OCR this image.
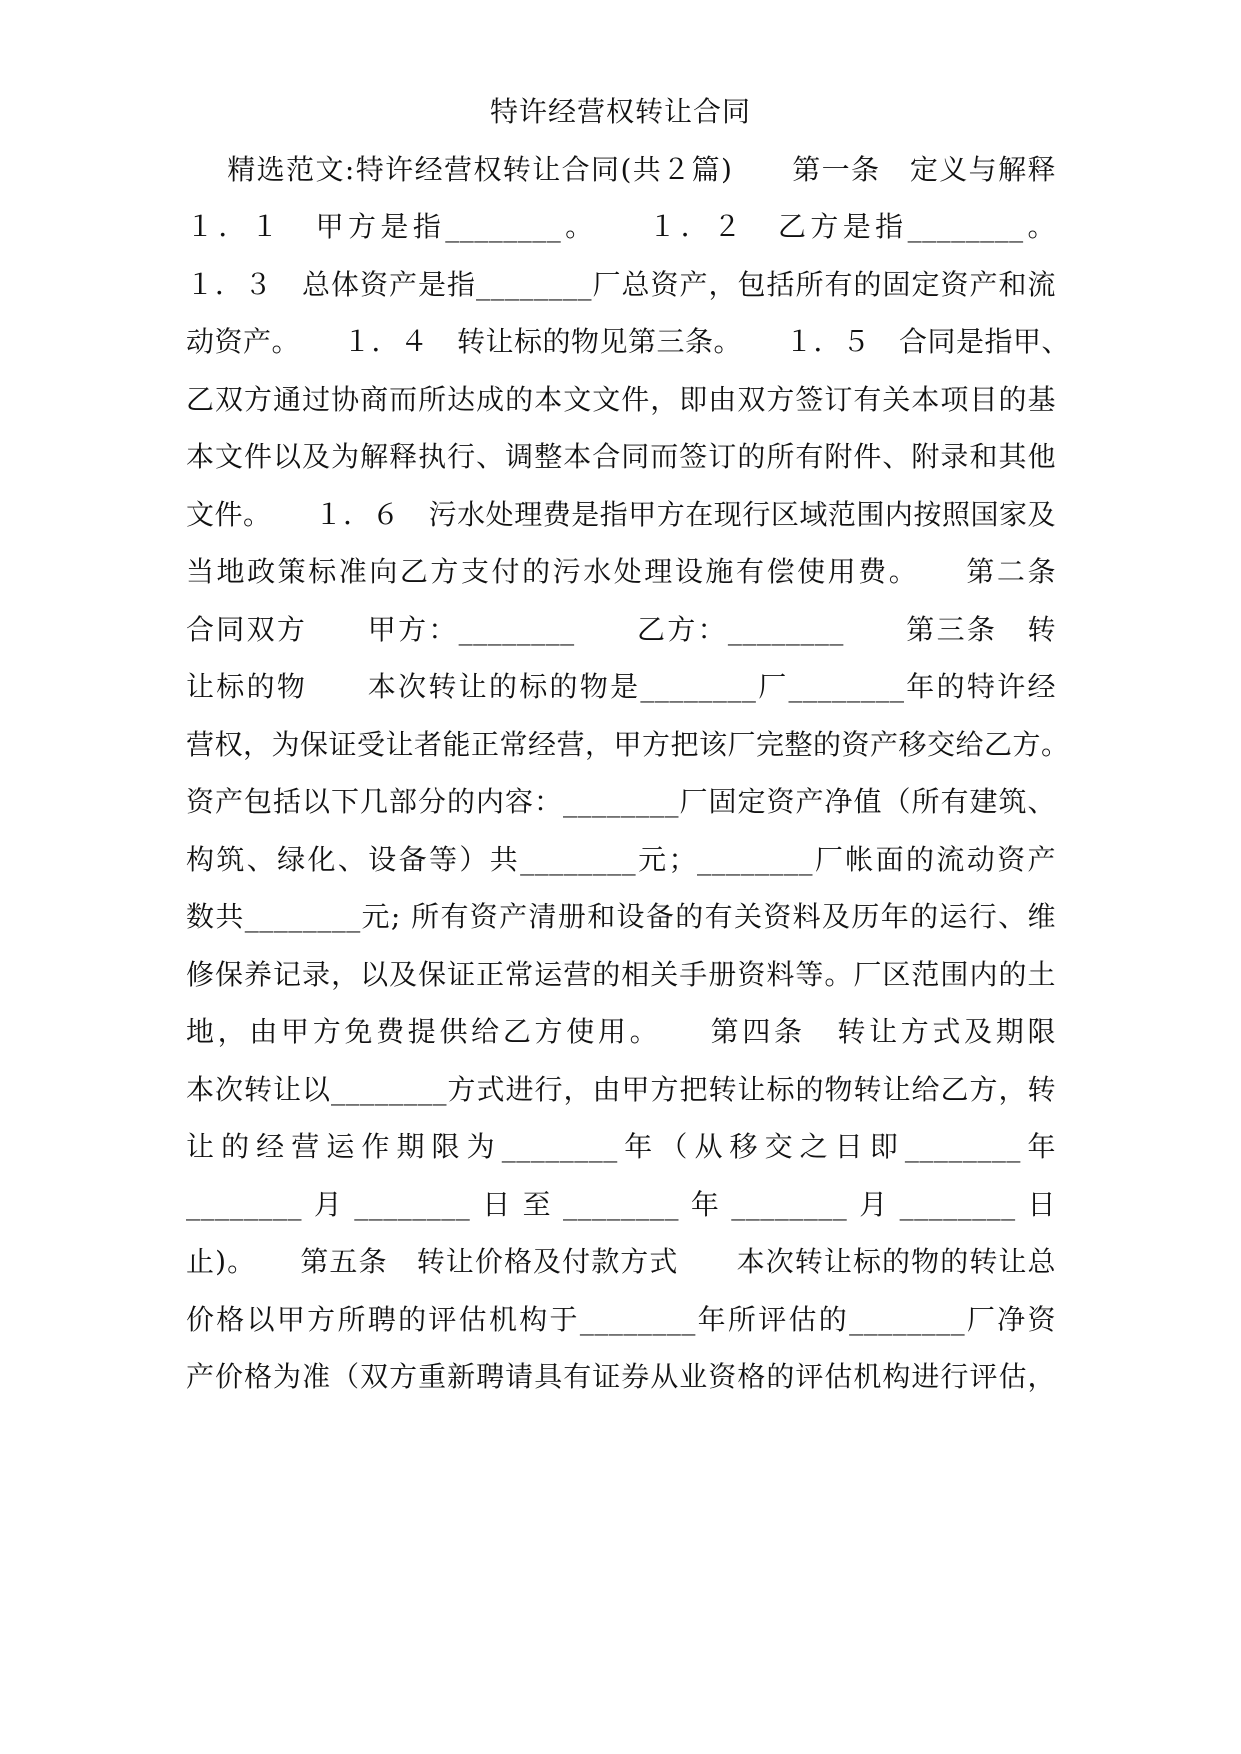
特许经营权转让合同
精选范文:特许经营权转让合同(共２篇)　　第一条　定义与解释
１．１　甲方是指________。　　１．２　乙方是指________。
１．３　总体资产是指________厂总资产，包括所有的固定资产和流
动资产。　　１．４　转让标的物见第三条。　　１．５　合同是指甲、
乙双方通过协商而所达成的本文文件，即由双方签订有关本项目的基
本文件以及为解释执行、调整本合同而签订的所有附件、附录和其他
文件。　　１．６　污水处理费是指甲方在现行区域范围内按照国家及
当地政策标准向乙方支付的污水处理设施有偿使用费。　　第二条
合同双方　　甲方：________　　乙方：________　　第三条　转
让标的物　　本次转让的标的物是________厂________年的特许经
营权，为保证受让者能正常经营，甲方把该厂完整的资产移交给乙方。
资产包括以下几部分的内容：________厂固定资产净值（所有建筑、
构筑、绿化、设备等）共________元；________厂帐面的流动资产
数共________元; 所有资产清册和设备的有关资料及历年的运行、维
修保养记录，以及保证正常运营的相关手册资料等。厂区范围内的土
地，由甲方免费提供给乙方使用。　　第四条　转让方式及期限
本次转让以________方式进行，由甲方把转让标的物转让给乙方，转
让的经营运作期限为________年（从移交之日即________年
________月________日至________年________月________日
止)。　　第五条　转让价格及付款方式　　本次转让标的物的转让总
价格以甲方所聘的评估机构于________年所评估的________厂净资
产价格为准（双方重新聘请具有证券从业资格的评估机构进行评估，
